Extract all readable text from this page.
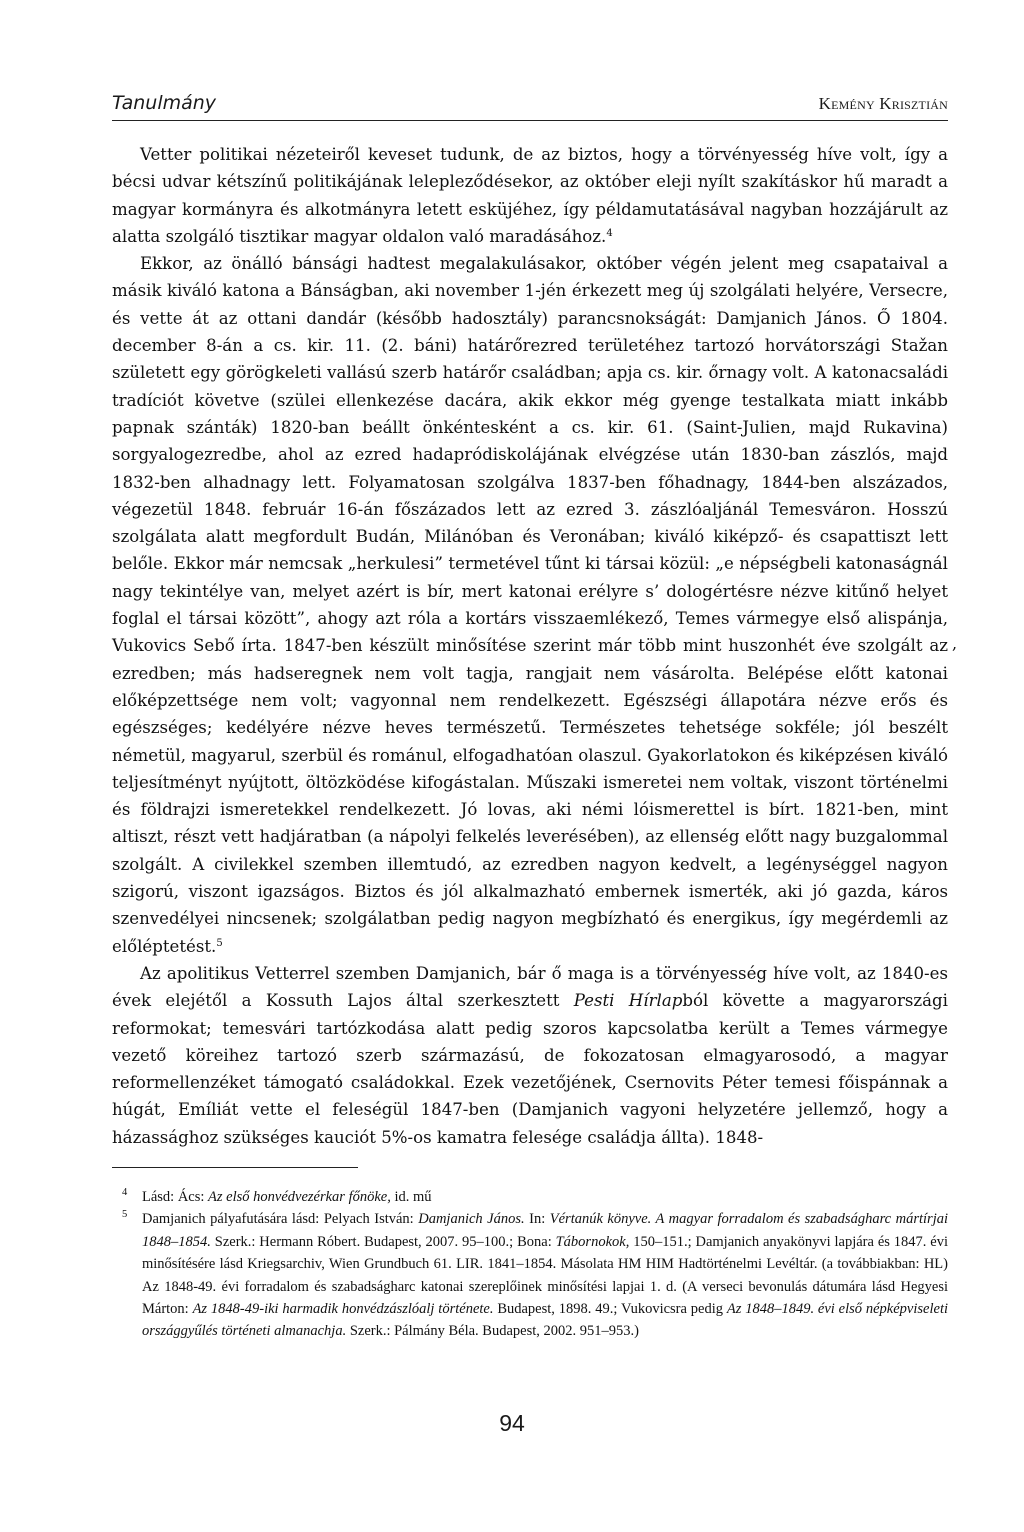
Tanulmány	Kemény Krisztián

Vetter politikai nézeteiről keveset tudunk, de az biztos, hogy a törvényesség híve volt, így a bécsi udvar kétszínű politikájának lelepleződésekor, az október eleji nyílt szakításkor hű maradt a magyar kormányra és alkotmányra letett esküjéhez, így példamutatásával nagyban hozzájárult az alatta szolgáló tisztikar magyar oldalon való maradásához.$^4$

Ekkor, az önálló bánsági hadtest megalakulásakor, október végén jelent meg csapataival a másik kiváló katona a Bánságban, aki november 1-jén érkezett meg új szolgálati helyére, Versecre, és vette át az ottani dandár (később hadosztály) parancsnokságát: Damjanich János. Ő 1804. december 8-án a cs. kir. 11. (2. báni) határőrezred területéhez tartozó horvátországi Stažan született egy görögkeleti vallású szerb határőr családban; apja cs. kir. őrnagy volt. A katonacsaládi tradíciót követve (szülei ellenkezése dacára, akik ekkor még gyenge testalkata miatt inkább papnak szánták) 1820-ban beállt önkéntesként a cs. kir. 61. (Saint-Julien, majd Rukavina) sorgyalogezredbe, ahol az ezred hadapródiskolájának elvégzése után 1830-ban zászlós, majd 1832-ben alhadnagy lett. Folyamatosan szolgálva 1837-ben főhadnagy, 1844-ben alszázados, végezetül 1848. február 16-án főszázados lett az ezred 3. zászlóaljánál Temesváron. Hosszú szolgálata alatt megfordult Budán, Milánóban és Veronában; kiváló kiképző- és csapattiszt lett belőle. Ekkor már nemcsak „herkulesi” termetével tűnt ki társai közül: „e népségbeli katonaságnál nagy tekintélye van, melyet azért is bír, mert katonai erélyre s’ dologértésre nézve kitűnő helyet foglal el társai között”, ahogy azt róla a kortárs visszaemlékező, Temes vármegye első alispánja, Vukovics Sebő írta. 1847-ben készült minősítése szerint már több mint huszonhét éve szolgált az ezredben; más hadseregnek nem volt tagja, rangjait nem vásárolta. Belépése előtt katonai előképzettsége nem volt; vagyonnal nem rendelkezett. Egészségi állapotára nézve erős és egészséges; kedélyére nézve heves természetű. Természetes tehetsége sokféle; jól beszélt németül, magyarul, szerbül és románul, elfogadhatóan olaszul. Gyakorlatokon és kiképzésen kiváló teljesítményt nyújtott, öltözködése kifogástalan. Műszaki ismeretei nem voltak, viszont történelmi és földrajzi ismeretekkel rendelkezett. Jó lovas, aki némi lóismerettel is bírt. 1821-ben, mint altiszt, részt vett hadjáratban (a nápolyi felkelés leverésében), az ellenség előtt nagy buzgalommal szolgált. A civilekkel szemben illemtudó, az ezredben nagyon kedvelt, a legénységgel nagyon szigorú, viszont igazságos. Biztos és jól alkalmazható embernek ismerték, aki jó gazda, káros szenvedélyei nincsenek; szolgálatban pedig nagyon megbízható és energikus, így megérdemli az előléptetést.$^5$

Az apolitikus Vetterrel szemben Damjanich, bár ő maga is a törvényesség híve volt, az 1840-es évek elejétől a Kossuth Lajos által szerkesztett Pesti Hírlapból követte a magyarországi reformokat; temesvári tartózkodása alatt pedig szoros kapcsolatba került a Temes vármegye vezető köreihez tartozó szerb származású, de fokozatosan elmagyarosodó, a magyar reformellenzéket támogató családokkal. Ezek vezetőjének, Csernovits Péter temesi főispánnak a húgát, Emíliát vette el feleségül 1847-ben (Damjanich vagyoni helyzetére jellemző, hogy a házassághoz szükséges kauciót 5%-os kamatra felesége családja állta). 1848-

,

4 Lásd: Ács: Az első honvédvezérkar főnöke, id. mű

5 Damjanich pályafutására lásd: Pelyach István: Damjanich János. In: Vértanúk könyve. A magyar forradalom és szabadságharc mártírjai 1848–1854. Szerk.: Hermann Róbert. Budapest, 2007. 95–100.; Bona: Tábornokok, 150–151.; Damjanich anyakönyvi lapjára és 1847. évi minősítésére lásd Kriegsarchiv, Wien Grundbuch 61. LIR. 1841–1854. Másolata HM HIM Hadtörténelmi Levéltár. (a továbbiakban: HL) Az 1848-49. évi forradalom és szabadságharc katonai szereplőinek minősítési lapjai 1. d. (A verseci bevonulás dátumára lásd Hegyesi Márton: Az 1848-49-iki harmadik honvédzászlóalj története. Budapest, 1898. 49.; Vukovicsra pedig Az 1848–1849. évi első népképviseleti országgyűlés történeti almanachja. Szerk.: Pálmány Béla. Budapest, 2002. 951–953.)

94
